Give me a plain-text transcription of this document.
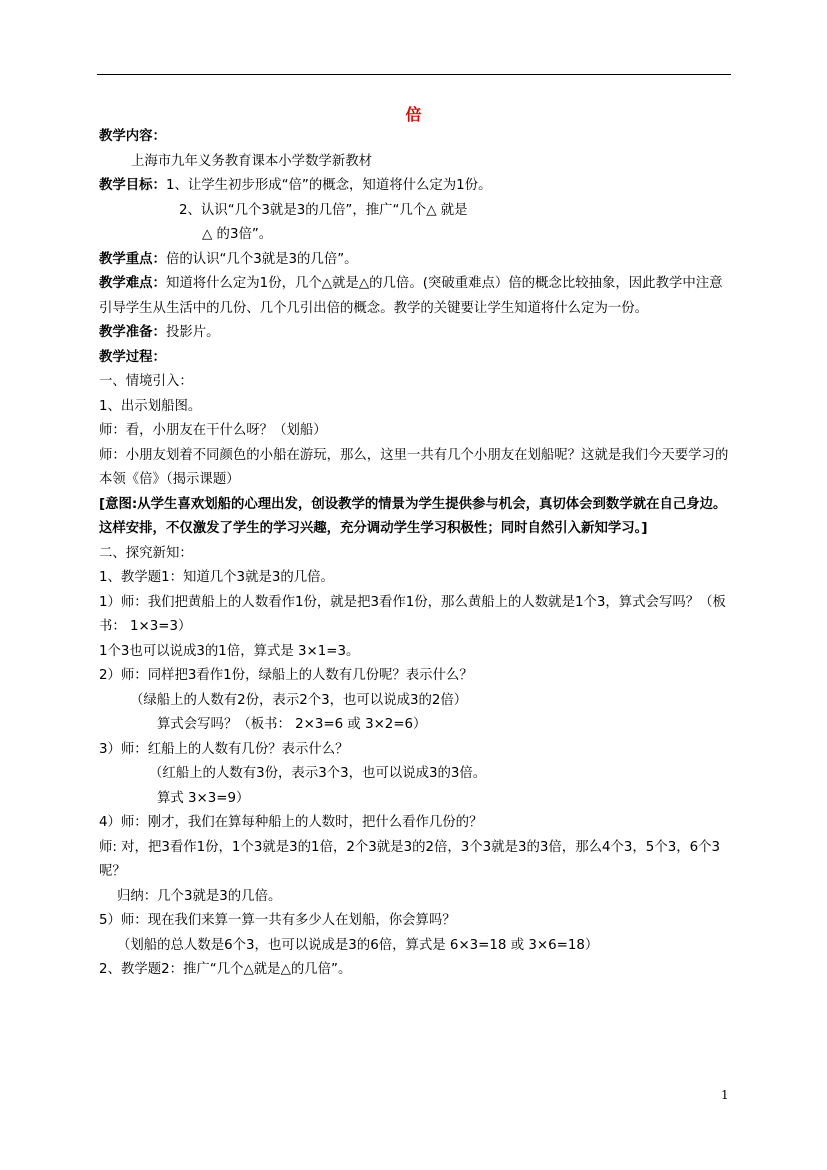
倍

教学内容：

上海市九年义务教育课本小学数学新教材

教学目标：1、让学生初步形成“倍”的概念，知道将什么定为1份。

2、认识“几个3就是3的几倍”，推广“几个△ 就是

△ 的3倍”。

教学重点：倍的认识“几个3就是3的几倍”。

教学难点：知道将什么定为1份，几个△就是△的几倍。(突破重难点）倍的概念比较抽象，因此教学中注意引导学生从生活中的几份、几个几引出倍的概念。教学的关键要让学生知道将什么定为一份。

教学准备：投影片。

教学过程：

一、情境引入：

1、出示划船图。

师：看，小朋友在干什么呀？（划船）

师：小朋友划着不同颜色的小船在游玩，那么，这里一共有几个小朋友在划船呢？这就是我们今天要学习的本领《倍》（揭示课题）

[意图:从学生喜欢划船的心理出发，创设教学的情景为学生提供参与机会，真切体会到数学就在自己身边。这样安排，不仅激发了学生的学习兴趣，充分调动学生学习积极性；同时自然引入新知学习。]

二、探究新知：

1、教学题1：知道几个3就是3的几倍。

1）师：我们把黄船上的人数看作1份，就是把3看作1份，那么黄船上的人数就是1个3，算式会写吗？（板书： 1×3=3）

1个3也可以说成3的1倍，算式是 3×1=3。

2）师：同样把3看作1份，绿船上的人数有几份呢？表示什么？

（绿船上的人数有2份，表示2个3，也可以说成3的2倍）

算式会写吗？（板书： 2×3=6 或 3×2=6）

3）师：红船上的人数有几份？表示什么？

（红船上的人数有3份，表示3个3，也可以说成3的3倍。

算式 3×3=9）

4）师：刚才，我们在算每种船上的人数时，把什么看作几份的？

师: 对，把3看作1份，1个3就是3的1倍，2个3就是3的2倍，3个3就是3的3倍，那么4个3，5个3，6个3呢？

归纳：几个3就是3的几倍。

5）师：现在我们来算一算一共有多少人在划船，你会算吗？

（划船的总人数是6个3，也可以说成是3的6倍，算式是 6×3=18 或 3×6=18）

2、教学题2：推广“几个△就是△的几倍”。

1
